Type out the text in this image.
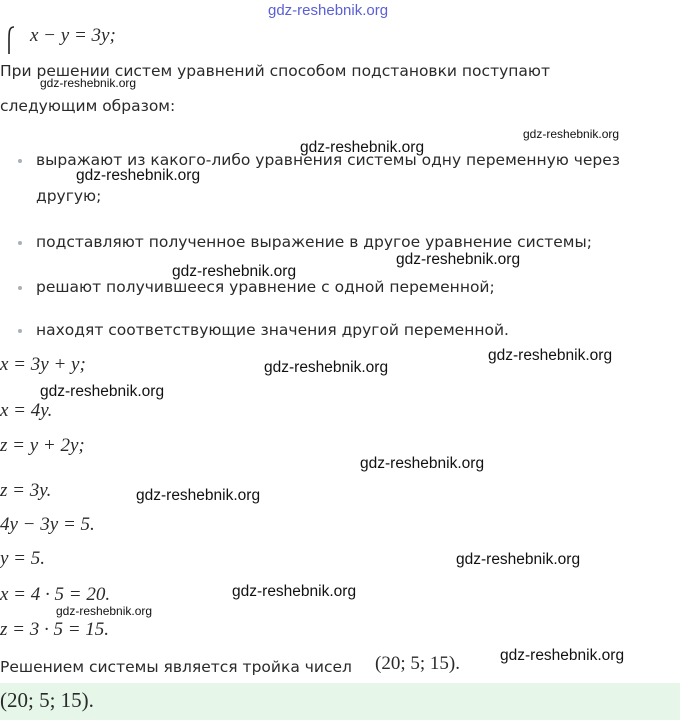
gdz-reshebnik.org
x − y = 3y;
При решении систем уравнений способом подстановки поступают
следующим образом:
выражают из какого-либо уравнения системы одну переменную через
другую;
подставляют полученное выражение в другое уравнение системы;
решают получившееся уравнение с одной переменной;
находят соответствующие значения другой переменной.
x = 3y + y;
x = 4y.
z = y + 2y;
z = 3y.
4y − 3y = 5.
y = 5.
x = 4 · 5 = 20.
z = 3 · 5 = 15.
Решением системы является тройка чисел (20; 5; 15).
(20; 5; 15).
gdz-reshebnik.org
gdz-reshebnik.org
gdz-reshebnik.org
gdz-reshebnik.org
gdz-reshebnik.org
gdz-reshebnik.org
gdz-reshebnik.org
gdz-reshebnik.org
gdz-reshebnik.org
gdz-reshebnik.org
gdz-reshebnik.org
gdz-reshebnik.org
gdz-reshebnik.org
gdz-reshebnik.org
gdz-reshebnik.org
